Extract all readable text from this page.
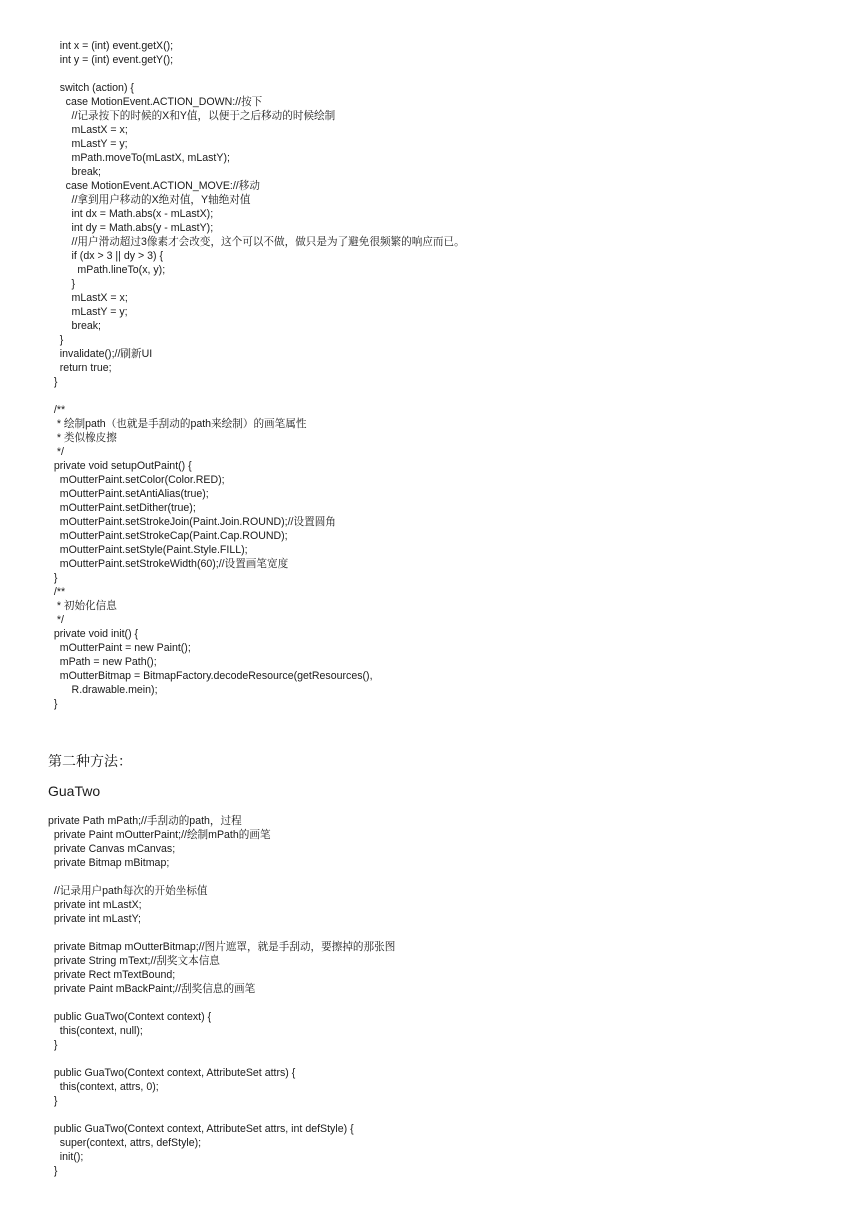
int x = (int) event.getX();
int y = (int) event.getY();
switch (action) {
case MotionEvent.ACTION_DOWN://按下
//记录按下的时候的X和Y值，以便于之后移动的时候绘制
mLastX = x;
mLastY = y;
mPath.moveTo(mLastX, mLastY);
break;
case MotionEvent.ACTION_MOVE://移动
//拿到用户移动的X绝对值，Y轴绝对值
int dx = Math.abs(x - mLastX);
int dy = Math.abs(y - mLastY);
//用户滑动超过3像素才会改变，这个可以不做，做只是为了避免很频繁的响应而已。
if (dx > 3 || dy > 3) {
mPath.lineTo(x, y);
}
mLastX = x;
mLastY = y;
break;
}
invalidate();//刷新UI
return true;
}
/**
* 绘制path（也就是手刮动的path来绘制）的画笔属性
* 类似橡皮擦
*/
private void setupOutPaint() {
mOutterPaint.setColor(Color.RED);
mOutterPaint.setAntiAlias(true);
mOutterPaint.setDither(true);
mOutterPaint.setStrokeJoin(Paint.Join.ROUND);//设置圆角
mOutterPaint.setStrokeCap(Paint.Cap.ROUND);
mOutterPaint.setStyle(Paint.Style.FILL);
mOutterPaint.setStrokeWidth(60);//设置画笔宽度
}
/**
* 初始化信息
*/
private void init() {
mOutterPaint = new Paint();
mPath = new Path();
mOutterBitmap = BitmapFactory.decodeResource(getResources(),
R.drawable.mein);
}
第二种方法：
GuaTwo
private Path mPath;//手刮动的path，过程
private Paint mOutterPaint;//绘制mPath的画笔
private Canvas mCanvas;
private Bitmap mBitmap;
//记录用户path每次的开始坐标值
private int mLastX;
private int mLastY;
private Bitmap mOutterBitmap;//图片遮罩，就是手刮动，要擦掉的那张图
private String mText;//刮奖文本信息
private Rect mTextBound;
private Paint mBackPaint;//刮奖信息的画笔
public GuaTwo(Context context) {
this(context, null);
}
public GuaTwo(Context context, AttributeSet attrs) {
this(context, attrs, 0);
}
public GuaTwo(Context context, AttributeSet attrs, int defStyle) {
super(context, attrs, defStyle);
init();
}
